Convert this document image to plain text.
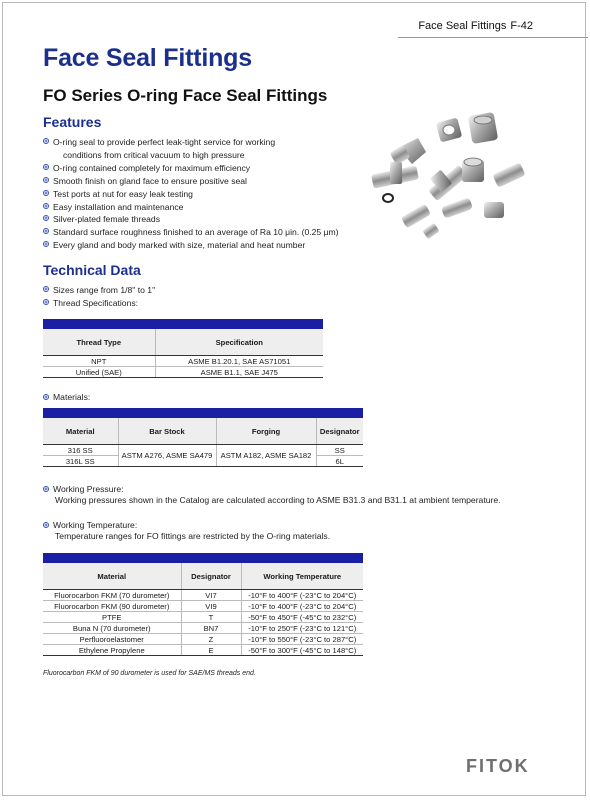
Face Seal Fittings F-42
Face Seal Fittings
FO Series O-ring Face Seal Fittings
Features
O-ring seal to provide perfect leak-tight service for working
conditions from critical vacuum to high pressure
O-ring contained completely for maximum efficiency
Smooth finish on gland face to ensure positive seal
Test ports at nut for easy leak testing
Easy installation and maintenance
Silver-plated female threads
Standard surface roughness finished to an average of Ra 10 μin. (0.25 μm)
Every gland and body marked with size, material and heat number
Technical Data
Sizes range from 1/8" to 1"
Thread Specifications:

Thread Type	Specification
NPT	ASME B1.20.1, SAE AS71051
Unified (SAE)	ASME B1.1, SAE J475
Materials:

Material	Bar Stock	Forging	Designator
316 SS	ASTM A276, ASME SA479	ASTM A182, ASME SA182	SS
316L SS			6L
Working Pressure:
Working pressures shown in the Catalog are calculated according to ASME B31.3 and B31.1 at ambient temperature.
Working Temperature:
Temperature ranges for FO fittings are restricted by the O-ring materials.

Material	Designator	Working Temperature
Fluorocarbon FKM (70 durometer)	VI7	-10°F to 400°F (-23°C to 204°C)
Fluorocarbon FKM (90 durometer)	VI9	-10°F to 400°F (-23°C to 204°C)
PTFE	T	-50°F to 450°F (-45°C to 232°C)
Buna N (70 durometer)	BN7	-10°F to 250°F (-23°C to 121°C)
Perfluoroelastomer	Z	-10°F to 550°F (-23°C to 287°C)
Ethylene Propylene	E	-50°F to 300°F (-45°C to 148°C)
Fluorocarbon FKM of 90 durometer is used for SAE/MS threads end.
FITOK
